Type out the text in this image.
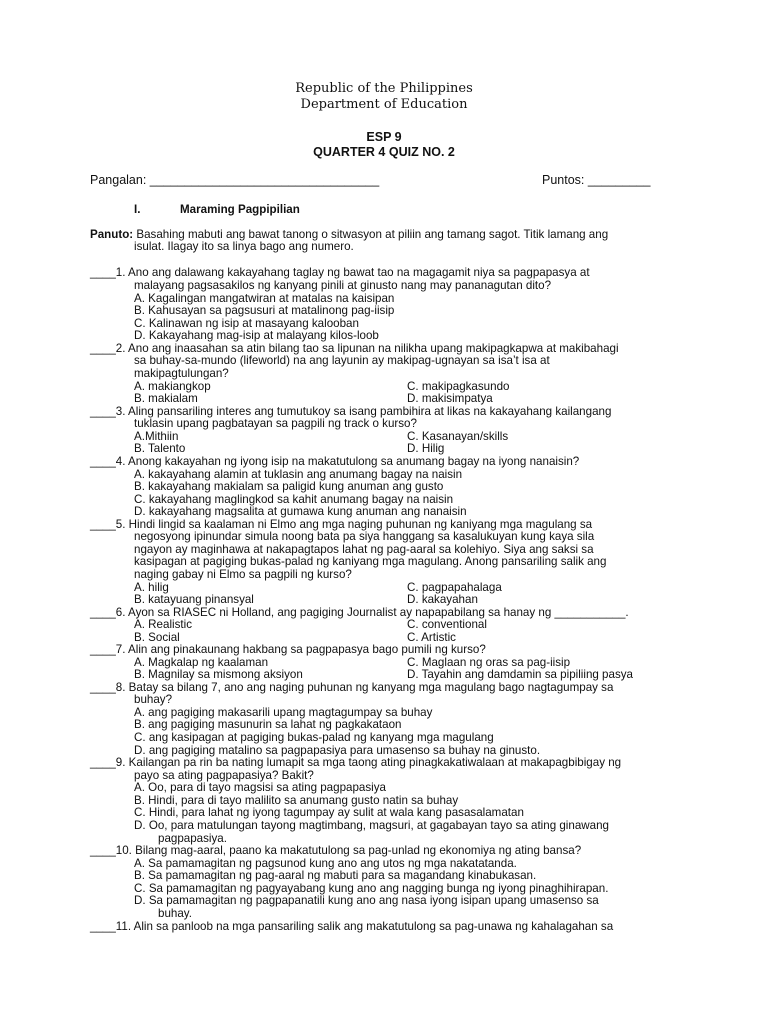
Republic of the Philippines
Department of Education
ESP 9
QUARTER 4 QUIZ NO. 2
Pangalan: _________________________________	Puntos: _________
I.	Maraming Pagpipilian
Panuto: Basahing mabuti ang bawat tanong o sitwasyon at piliin ang tamang sagot. Titik lamang ang
isulat. Ilagay ito sa linya bago ang numero.
____1. Ano ang dalawang kakayahang taglay ng bawat tao na magagamit niya sa pagpapasya at
malayang pagsasakilos ng kanyang pinili at ginusto nang may pananagutan dito?
A. Kagalingan mangatwiran at matalas na kaisipan
B. Kahusayan sa pagsusuri at matalinong pag-iisip
C. Kalinawan ng isip at masayang kalooban
D. Kakayahang mag-isip at malayang kilos-loob
____2. Ano ang inaasahan sa atin bilang tao sa lipunan na nilikha upang makipagkapwa at makibahagi
sa buhay-sa-mundo (lifeworld) na ang layunin ay makipag-ugnayan sa isa’t isa at
makipagtulungan?
A. makiangkop	C. makipagkasundo
B. makialam	D. makisimpatya
____3. Aling pansariling interes ang tumutukoy sa isang pambihira at likas na kakayahang kailangang
tuklasin upang pagbatayan sa pagpili ng track o kurso?
A.Mithiin	C. Kasanayan/skills
B. Talento	D. Hilig
____4. Anong kakayahan ng iyong isip na makatutulong sa anumang bagay na iyong nanaisin?
A. kakayahang alamin at tuklasin ang anumang bagay na naisin
B. kakayahang makialam sa paligid kung anuman ang gusto
C. kakayahang maglingkod sa kahit anumang bagay na naisin
D. kakayahang magsalita at gumawa kung anuman ang nanaisin
____5. Hindi lingid sa kaalaman ni Elmo ang mga naging puhunan ng kaniyang mga magulang sa
negosyong ipinundar simula noong bata pa siya hanggang sa kasalukuyan kung kaya sila
ngayon ay maginhawa at nakapagtapos lahat ng pag-aaral sa kolehiyo. Siya ang saksi sa
kasipagan at pagiging bukas-palad ng kaniyang mga magulang. Anong pansariling salik ang
naging gabay ni Elmo sa pagpili ng kurso?
A. hilig	C. pagpapahalaga
B. katayuang pinansyal	D. kakayahan
____6. Ayon sa RIASEC ni Holland, ang pagiging Journalist ay napapabilang sa hanay ng ___________.
A. Realistic	C. conventional
B. Social	C. Artistic
____7. Alin ang pinakaunang hakbang sa pagpapasya bago pumili ng kurso?
A. Magkalap ng kaalaman	C. Maglaan ng oras sa pag-iisip
B. Magnilay sa mismong aksiyon	D. Tayahin ang damdamin sa pipiliing pasya
____8. Batay sa bilang 7, ano ang naging puhunan ng kanyang mga magulang bago nagtagumpay sa
buhay?
A. ang pagiging makasarili upang magtagumpay sa buhay
B. ang pagiging masunurin sa lahat ng pagkakataon
C. ang kasipagan at pagiging bukas-palad ng kanyang mga magulang
D. ang pagiging matalino sa pagpapasiya para umasenso sa buhay na ginusto.
____9. Kailangan pa rin ba nating lumapit sa mga taong ating pinagkakatiwalaan at makapagbibigay ng
payo sa ating pagpapasiya? Bakit?
A. Oo, para di tayo magsisi sa ating pagpapasiya
B. Hindi, para di tayo malilito sa anumang gusto natin sa buhay
C. Hindi, para lahat ng iyong tagumpay ay sulit at wala kang pasasalamatan
D. Oo, para matulungan tayong magtimbang, magsuri, at gagabayan tayo sa ating ginawang
pagpapasiya.
____10. Bilang mag-aaral, paano ka makatutulong sa pag-unlad ng ekonomiya ng ating bansa?
A. Sa pamamagitan ng pagsunod kung ano ang utos ng mga nakatatanda.
B. Sa pamamagitan ng pag-aaral ng mabuti para sa magandang kinabukasan.
C. Sa pamamagitan ng pagyayabang kung ano ang nagging bunga ng iyong pinaghihirapan.
D. Sa pamamagitan ng pagpapanatili kung ano ang nasa iyong isipan upang umasenso sa
buhay.
____11. Alin sa panloob na mga pansariling salik ang makatutulong sa pag-unawa ng kahalagahan sa
